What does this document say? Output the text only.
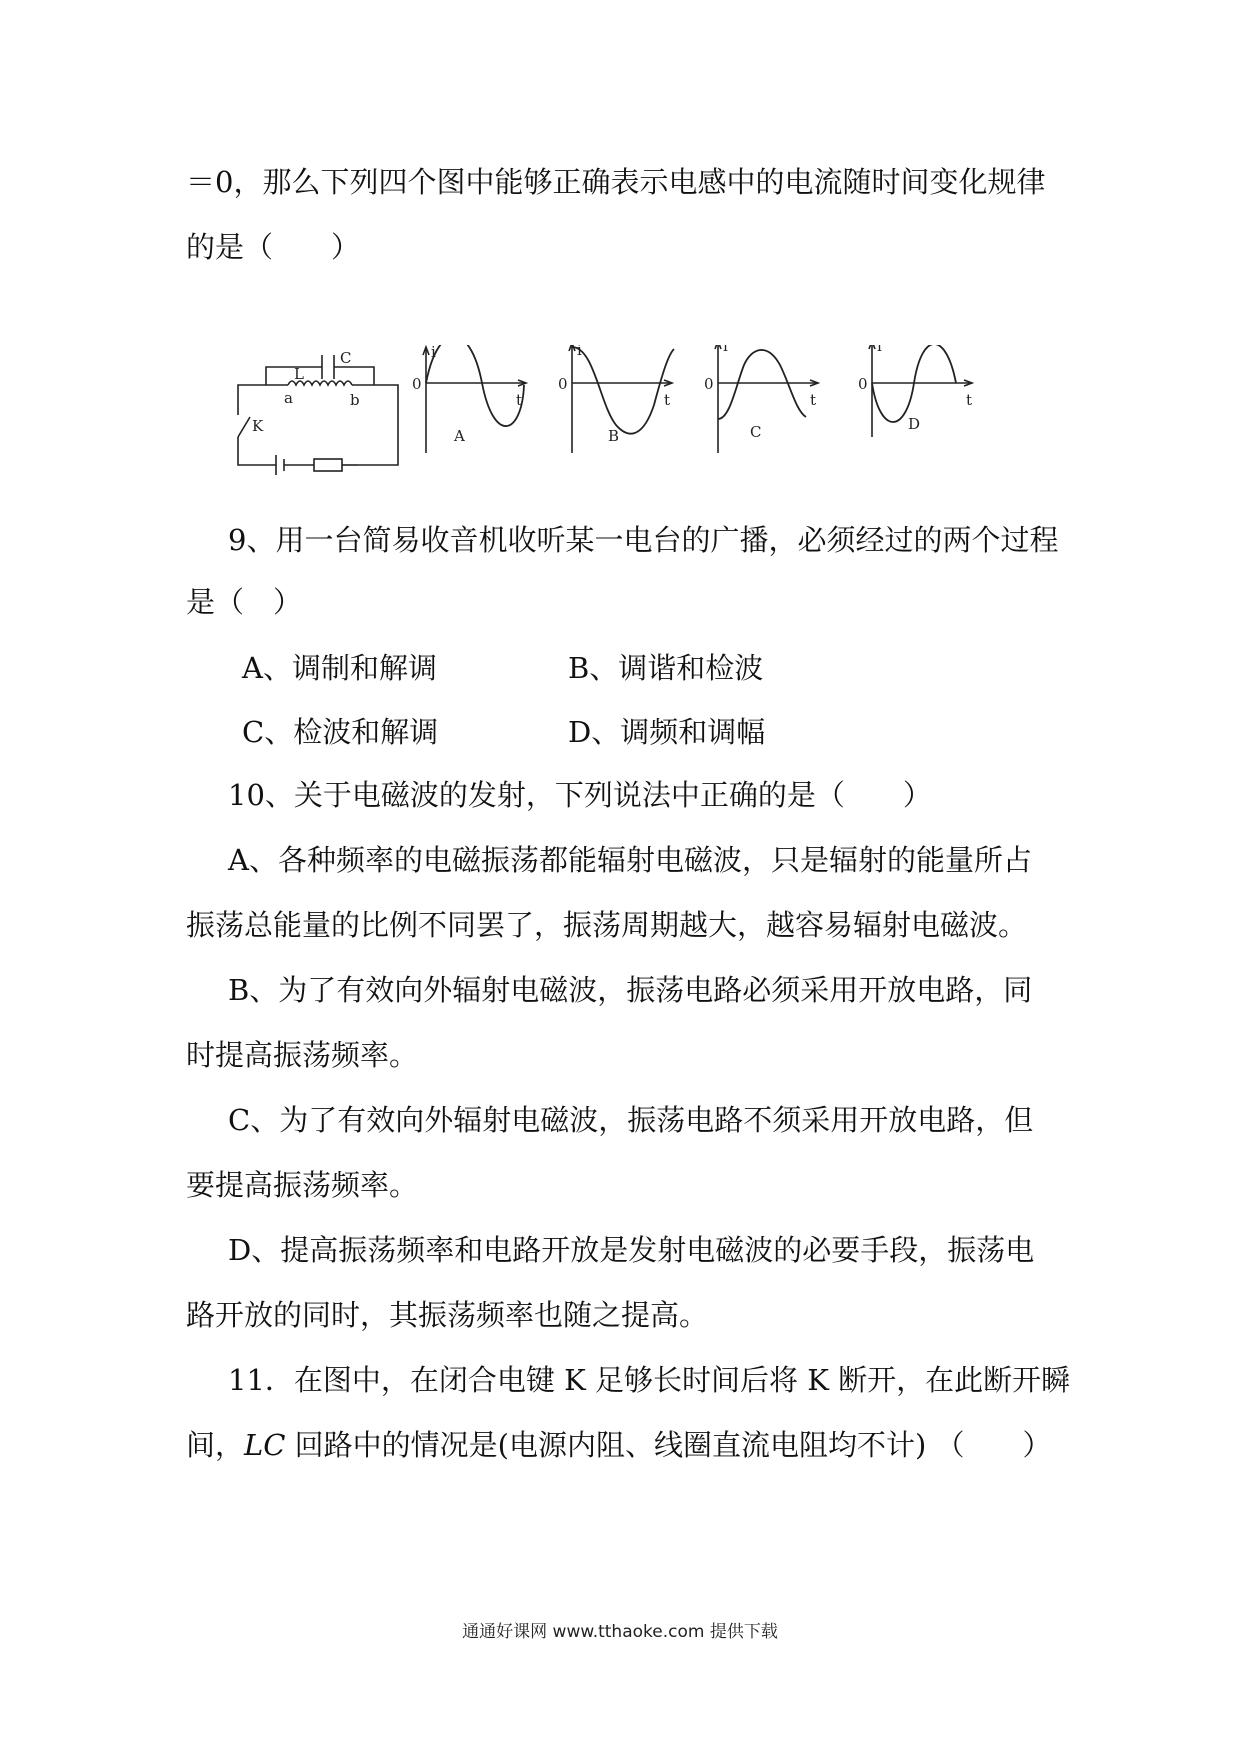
＝0，那么下列四个图中能够正确表示电感中的电流随时间变化规律
的是（　　）
C
L
a	b
K
i
0
t
A
i
0
t
B
i
0
t
C
i
0
t
D
9、用一台简易收音机收听某一电台的广播，必须经过的两个过程
是（　）
A、调制和解调	B、调谐和检波
C、检波和解调	D、调频和调幅
10、关于电磁波的发射，下列说法中正确的是（　　）
A、各种频率的电磁振荡都能辐射电磁波，只是辐射的能量所占
振荡总能量的比例不同罢了，振荡周期越大，越容易辐射电磁波。
B、为了有效向外辐射电磁波，振荡电路必须采用开放电路，同
时提高振荡频率。
C、为了有效向外辐射电磁波，振荡电路不须采用开放电路，但
要提高振荡频率。
D、提高振荡频率和电路开放是发射电磁波的必要手段，振荡电
路开放的同时，其振荡频率也随之提高。
11．在图中，在闭合电键 K 足够长时间后将 K 断开，在此断开瞬
间，LC 回路中的情况是(电源内阻、线圈直流电阻均不计) （　　）
通通好课网 www.tthaoke.com 提供下载
